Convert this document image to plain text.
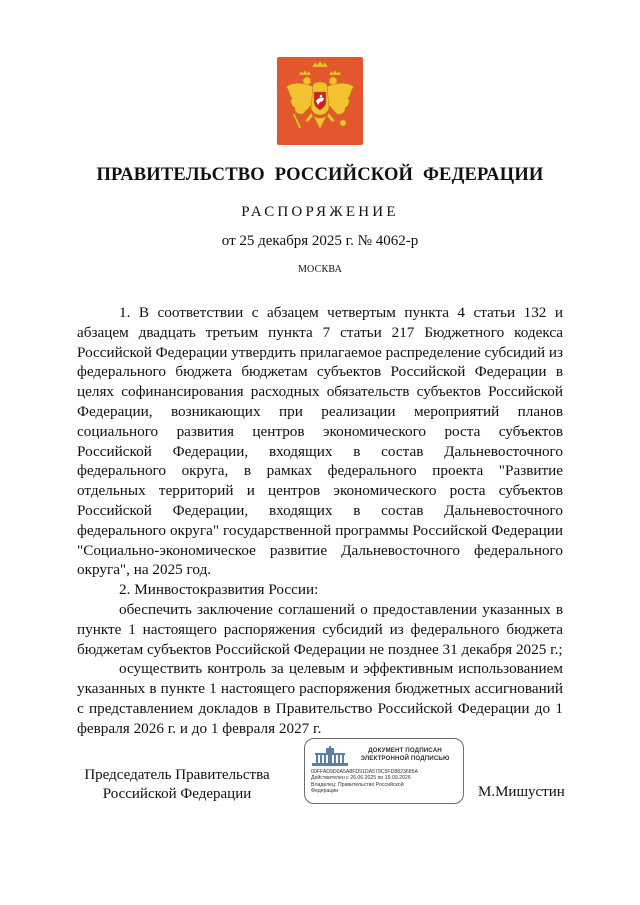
ПРАВИТЕЛЬСТВО РОССИЙСКОЙ ФЕДЕРАЦИИ
РАСПОРЯЖЕНИЕ
от 25 декабря 2025 г. № 4062-р
МОСКВА

1. В соответствии с абзацем четвертым пункта 4 статьи 132 и абзацем двадцать третьим пункта 7 статьи 217 Бюджетного кодекса Российской Федерации утвердить прилагаемое распределение субсидий из федерального бюджета бюджетам субъектов Российской Федерации в целях софинансирования расходных обязательств субъектов Российской Федерации, возникающих при реализации мероприятий планов социального развития центров экономического роста субъектов Российской Федерации, входящих в состав Дальневосточного федерального округа, в рамках федерального проекта "Развитие отдельных территорий и центров экономического роста субъектов Российской Федерации, входящих в состав Дальневосточного федерального округа" государственной программы Российской Федерации "Социально-экономическое развитие Дальневосточного федерального округа", на 2025 год.

2. Минвостокразвития России:

обеспечить заключение соглашений о предоставлении указанных в пункте 1 настоящего распоряжения субсидий из федерального бюджета бюджетам субъектов Российской Федерации не позднее 31 декабря 2025 г.;

осуществить контроль за целевым и эффективным использованием указанных в пункте 1 настоящего распоряжения бюджетных ассигнований с представлением докладов в Правительство Российской Федерации до 1 февраля 2026 г. и до 1 февраля 2027 г.

Председатель Правительства
Российской Федерации
ДОКУМЕНТ ПОДПИСАН
ЭЛЕКТРОННОЙ ПОДПИСЬЮ
00FFAD9D0A5A8FD91DA579C5FD8823685A
Действителен с 26.06.2025 по 19.09.2026
Владелец: Правительство Российской
Федерации	М.Мишустин
